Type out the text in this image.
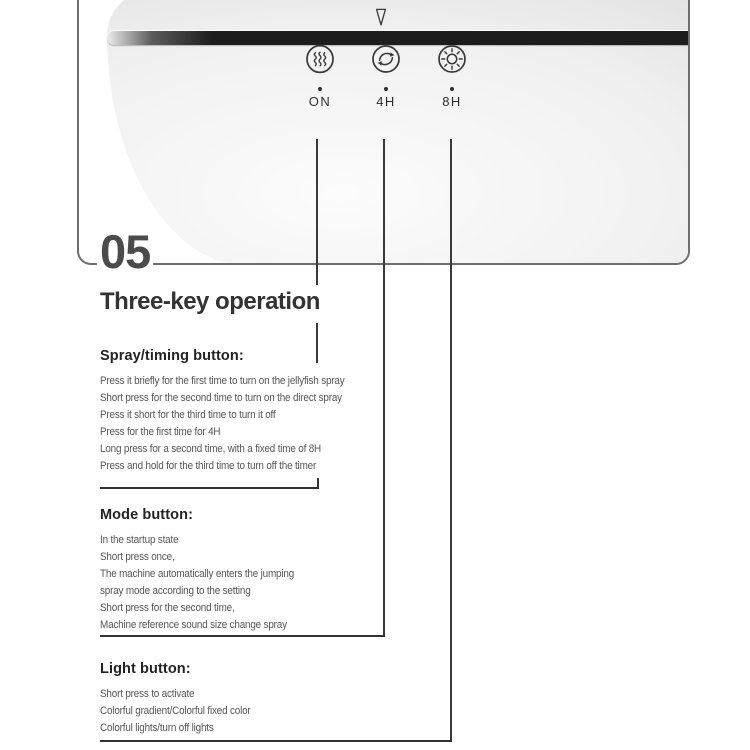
ON	4H	8H
05
Three-key operation
Spray/timing button:

Press it briefly for the first time to turn on the jellyfish spray

Short press for the second time to turn on the direct spray

Press it short for the third time to turn it off

Press for the first time for 4H

Long press for a second time, with a fixed time of 8H

Press and hold for the third time to turn off the timer

Mode button:

In the startup state

Short press once,

The machine automatically enters the jumping

spray mode according to the setting

Short press for the second time,

Machine reference sound size change spray

Light button:

Short press to activate

Colorful gradient/Colorful fixed color

Colorful lights/turn off lights
